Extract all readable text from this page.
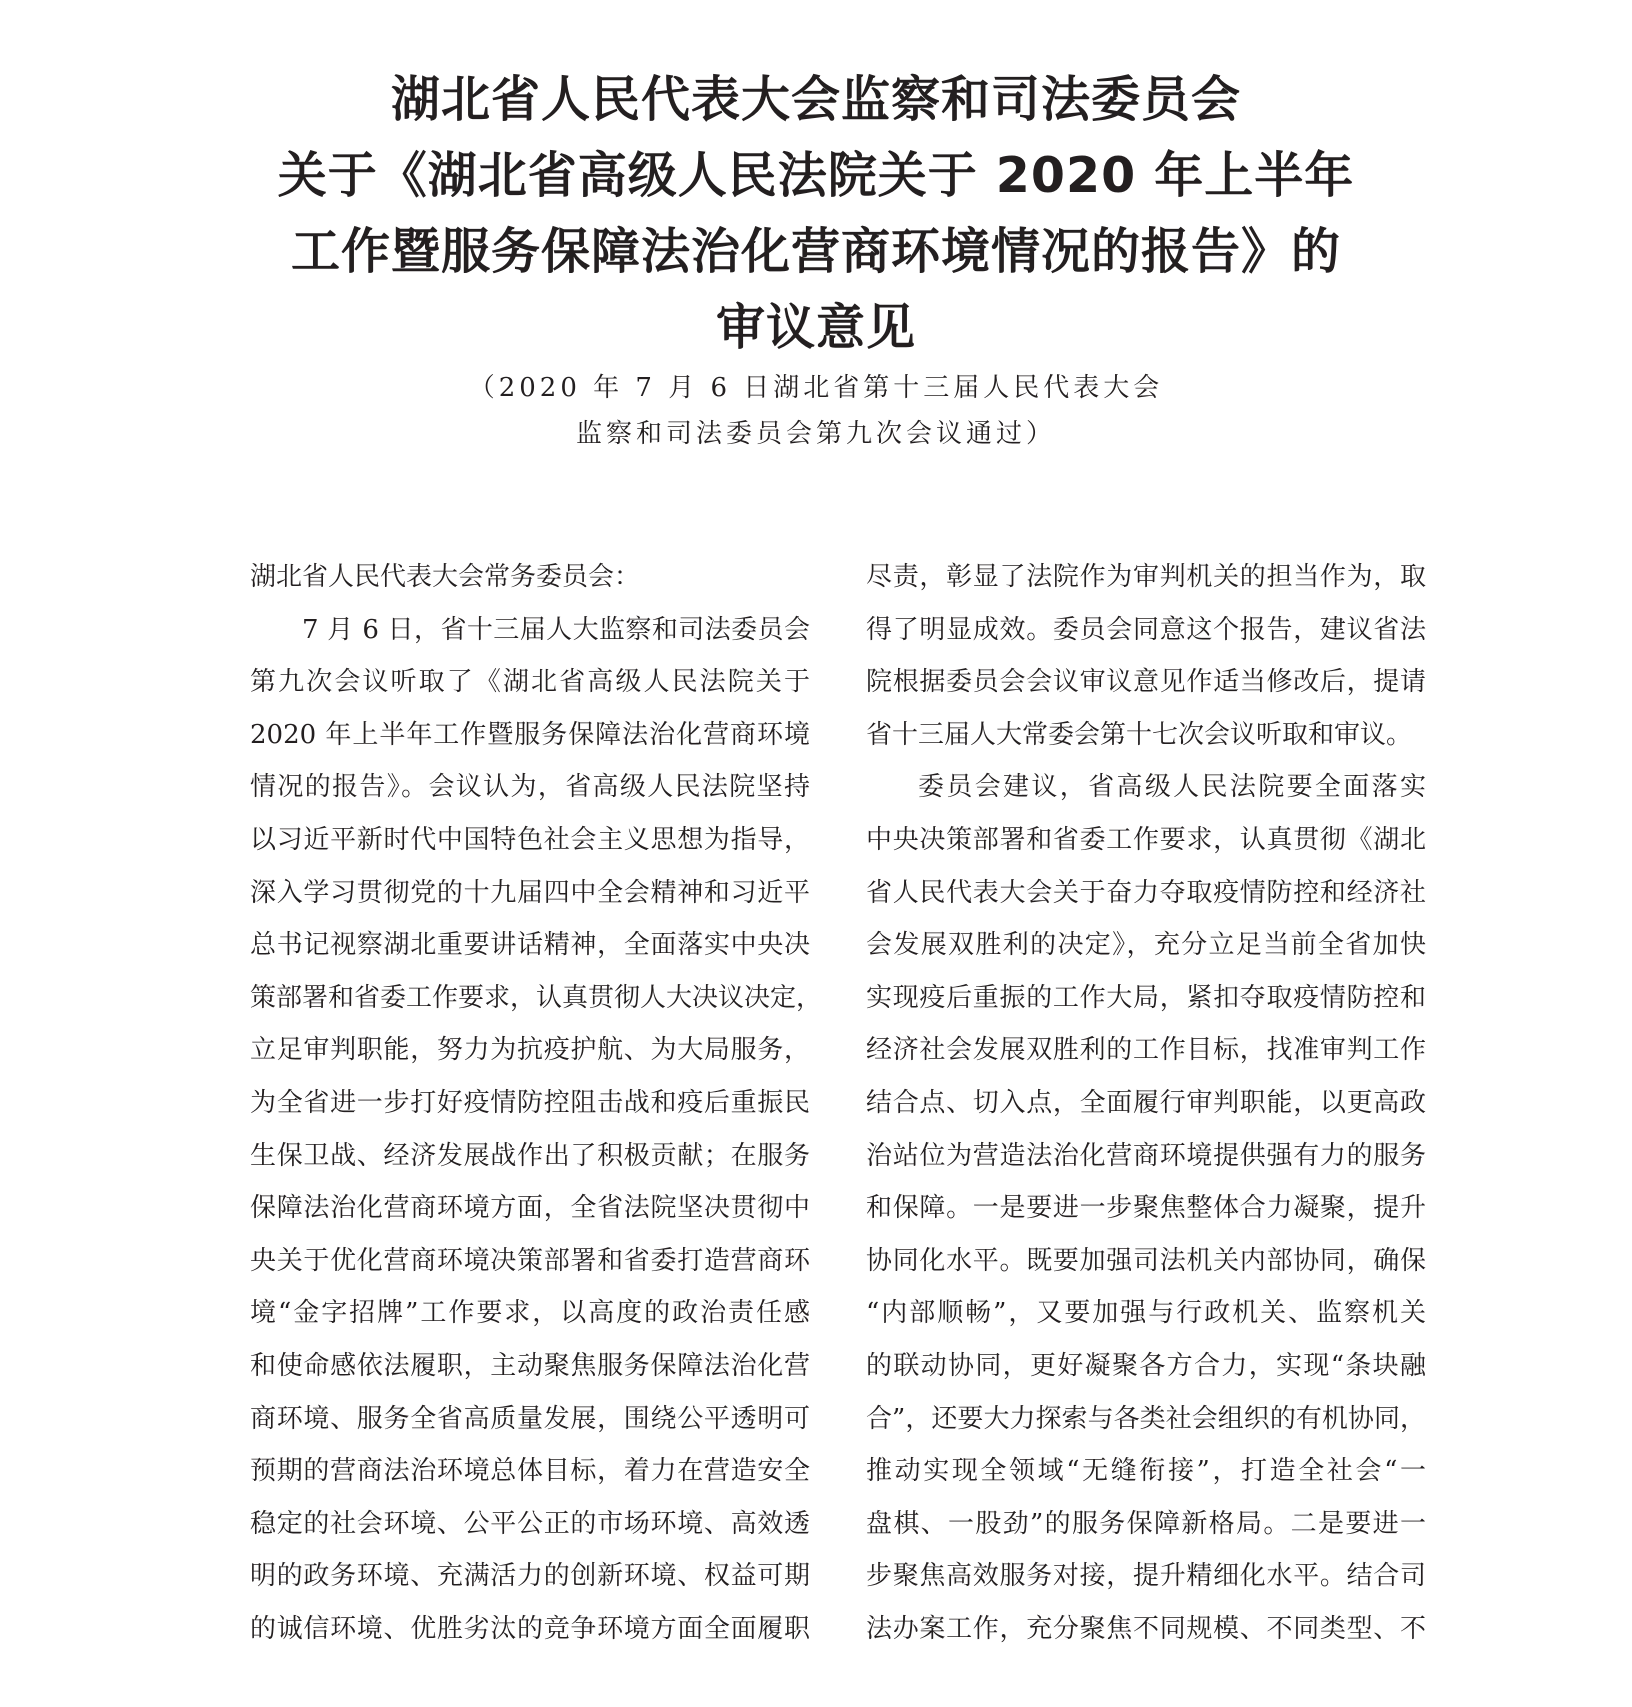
湖北省人民代表大会监察和司法委员会
关于《湖北省高级人民法院关于 2020 年上半年
工作暨服务保障法治化营商环境情况的报告》的
审议意见
（2020 年 7 月 6 日湖北省第十三届人民代表大会
监察和司法委员会第九次会议通过）
湖北省人民代表大会常务委员会：
7 月 6 日，省十三届人大监察和司法委员会
第九次会议听取了《湖北省高级人民法院关于
2020 年上半年工作暨服务保障法治化营商环境
情况的报告》。会议认为，省高级人民法院坚持
以习近平新时代中国特色社会主义思想为指导，
深入学习贯彻党的十九届四中全会精神和习近平
总书记视察湖北重要讲话精神，全面落实中央决
策部署和省委工作要求，认真贯彻人大决议决定，
立足审判职能，努力为抗疫护航、为大局服务，
为全省进一步打好疫情防控阻击战和疫后重振民
生保卫战、经济发展战作出了积极贡献；在服务
保障法治化营商环境方面，全省法院坚决贯彻中
央关于优化营商环境决策部署和省委打造营商环
境“金字招牌”工作要求，以高度的政治责任感
和使命感依法履职，主动聚焦服务保障法治化营
商环境、服务全省高质量发展，围绕公平透明可
预期的营商法治环境总体目标，着力在营造安全
稳定的社会环境、公平公正的市场环境、高效透
明的政务环境、充满活力的创新环境、权益可期
的诚信环境、优胜劣汰的竞争环境方面全面履职
尽责，彰显了法院作为审判机关的担当作为，取
得了明显成效。委员会同意这个报告，建议省法
院根据委员会会议审议意见作适当修改后，提请
省十三届人大常委会第十七次会议听取和审议。
委员会建议，省高级人民法院要全面落实
中央决策部署和省委工作要求，认真贯彻《湖北
省人民代表大会关于奋力夺取疫情防控和经济社
会发展双胜利的决定》，充分立足当前全省加快
实现疫后重振的工作大局，紧扣夺取疫情防控和
经济社会发展双胜利的工作目标，找准审判工作
结合点、切入点，全面履行审判职能，以更高政
治站位为营造法治化营商环境提供强有力的服务
和保障。一是要进一步聚焦整体合力凝聚，提升
协同化水平。既要加强司法机关内部协同，确保
“内部顺畅”，又要加强与行政机关、监察机关
的联动协同，更好凝聚各方合力，实现“条块融
合”，还要大力探索与各类社会组织的有机协同，
推动实现全领域“无缝衔接”，打造全社会“一
盘棋、一股劲”的服务保障新格局。二是要进一
步聚焦高效服务对接，提升精细化水平。结合司
法办案工作，充分聚焦不同规模、不同类型、不
